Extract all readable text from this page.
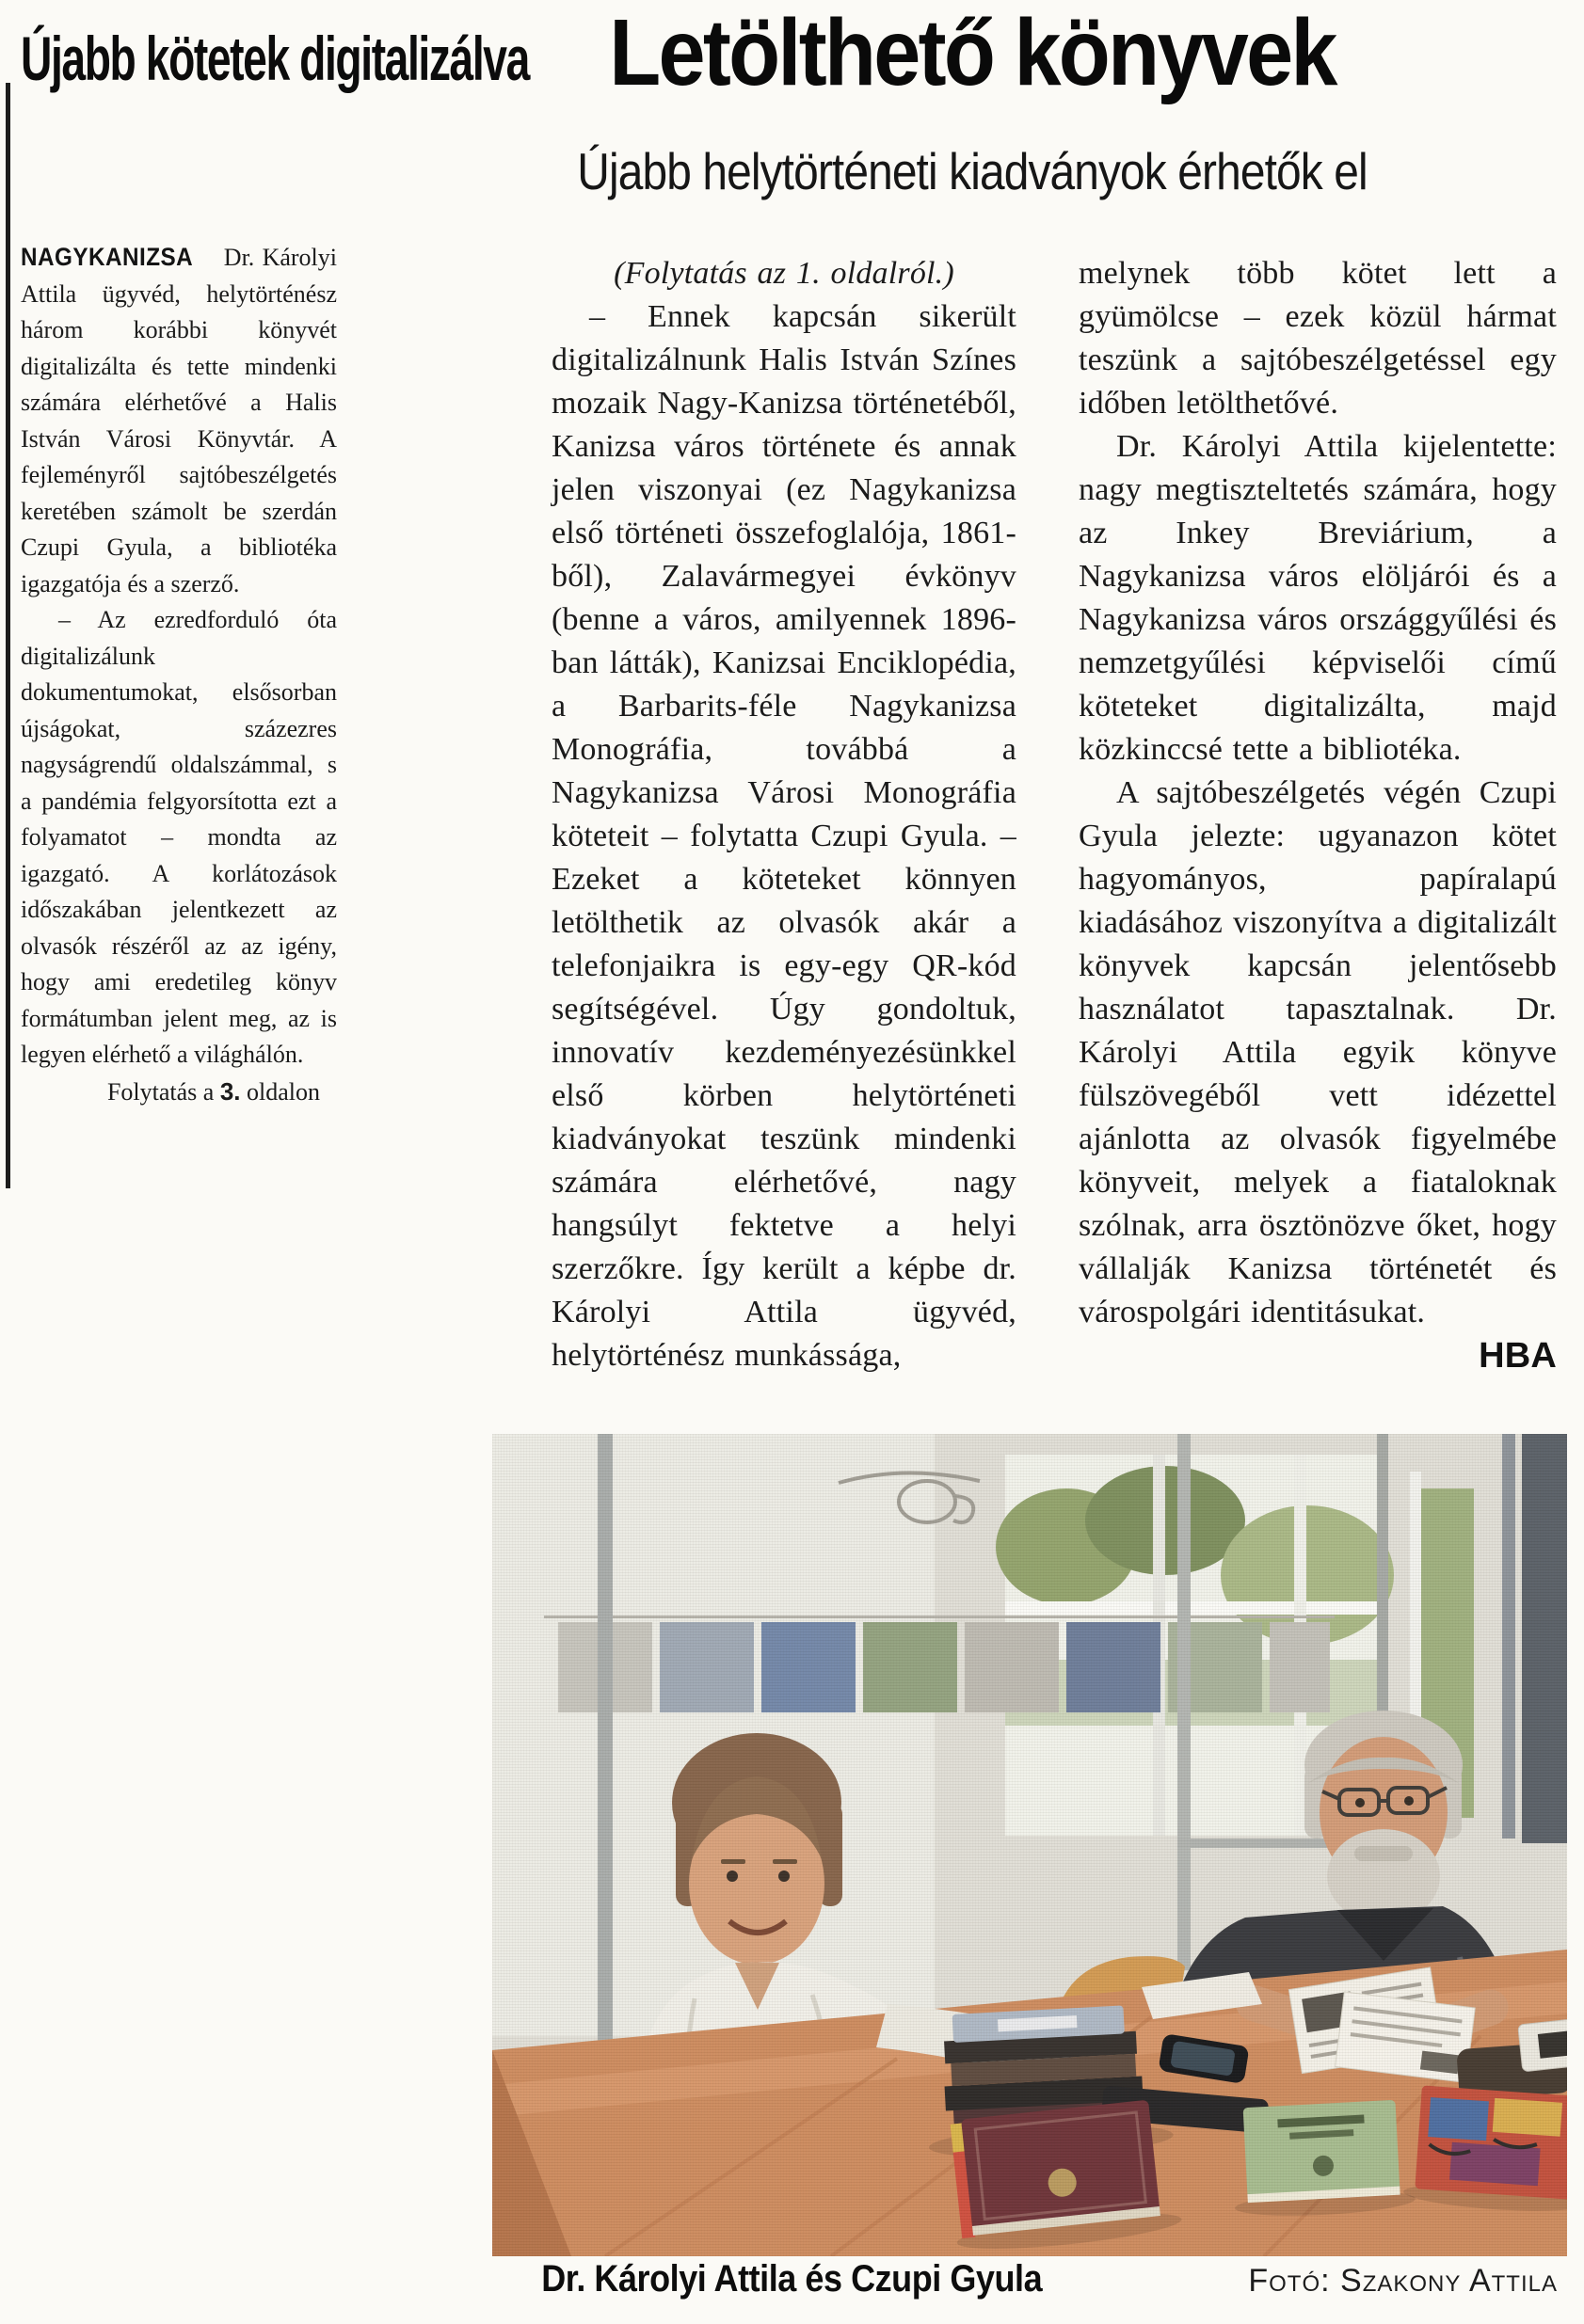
Újabb kötetek digitalizálva

NAGYKANIZSA Dr. Károlyi Attila ügyvéd, helytörténész három korábbi könyvét digitalizálta és tette mindenki számára elérhetővé a Halis István Városi Könyvtár. A fejleményről sajtóbeszélgetés keretében számolt be szerdán Czupi Gyula, a bibliotéka igazgatója és a szerző.

– Az ezredforduló óta digitalizálunk dokumentumokat, elsősorban újságokat, százezres nagyságrendű oldalszámmal, s a pandémia felgyorsította ezt a folyamatot – mondta az igazgató. A korlátozások időszakában jelentkezett az olvasók részéről az az igény, hogy ami eredetileg könyv formátumban jelent meg, az is legyen elérhető a világhálón.

Folytatás a 3. oldalon

Letölthető könyvek
Újabb helytörténeti kiadványok érhetők el

(Folytatás az 1. oldalról.)

– Ennek kapcsán sikerült digitalizálnunk Halis István Színes mozaik Nagy-Kanizsa történetéből, Kanizsa város története és annak jelen viszonyai (ez Nagykanizsa első történeti összefoglalója, 1861-ből), Zalavármegyei évkönyv (benne a város, amilyennek 1896-ban látták), Kanizsai Enciklopédia, a Barbarits-féle Nagykanizsa Monográfia, továbbá a Nagykanizsa Városi Monográfia köteteit – folytatta Czupi Gyula. – Ezeket a köteteket könnyen letölthetik az olvasók akár a telefonjaikra is egy-egy QR-kód segítségével. Úgy gondoltuk, innovatív kezdeményezésünkkel első körben helytörténeti kiadványokat teszünk mindenki számára elérhetővé, nagy hangsúlyt fektetve a helyi szerzőkre. Így került a képbe dr. Károlyi Attila ügyvéd, helytörténész munkássága,

melynek több kötet lett a gyümölcse – ezek közül hármat teszünk a sajtóbeszélgetéssel egy időben letölthetővé.

Dr. Károlyi Attila kijelentette: nagy megtiszteltetés számára, hogy az Inkey Breviárium, a Nagykanizsa város elöljárói és a Nagykanizsa város országgyűlési és nemzetgyűlési képviselői című köteteket digitalizálta, majd közkinccsé tette a bibliotéka.

A sajtóbeszélgetés végén Czupi Gyula jelezte: ugyanazon kötet hagyományos, papíralapú kiadásához viszonyítva a digitalizált könyvek kapcsán jelentősebb használatot tapasztalnak. Dr. Károlyi Attila egyik könyve fülszövegéből vett idézettel ajánlotta az olvasók figyelmébe könyveit, melyek a fiataloknak szólnak, arra ösztönözve őket, hogy vállalják Kanizsa történetét és várospolgári identitásukat.

HBA

Dr. Károlyi Attila és Czupi Gyula	Fotó: Szakony Attila
